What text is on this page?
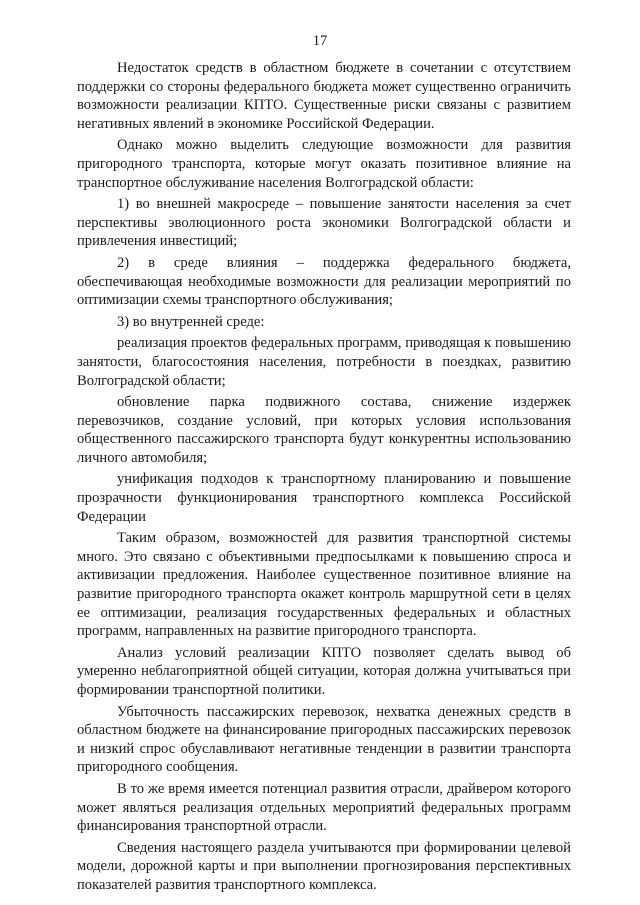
17

Недостаток средств в областном бюджете в сочетании с отсутствием поддержки со стороны федерального бюджета может существенно ограничить возможности реализации КПТО. Существенные риски связаны с развитием негативных явлений в экономике Российской Федерации.

Однако можно выделить следующие возможности для развития пригородного транспорта, которые могут оказать позитивное влияние на транспортное обслуживание населения Волгоградской области:

1) во внешней макросреде – повышение занятости населения за счет перспективы эволюционного роста экономики Волгоградской области и привлечения инвестиций;

2) в среде влияния – поддержка федерального бюджета, обеспечивающая необходимые возможности для реализации мероприятий по оптимизации схемы транспортного обслуживания;

3) во внутренней среде:

реализация проектов федеральных программ, приводящая к повышению занятости, благосостояния населения, потребности в поездках, развитию Волгоградской области;

обновление парка подвижного состава, снижение издержек перевозчиков, создание условий, при которых условия использования общественного пассажирского транспорта будут конкурентны использованию личного автомобиля;

унификация подходов к транспортному планированию и повышение прозрачности функционирования транспортного комплекса Российской Федерации

Таким образом, возможностей для развития транспортной системы много. Это связано с объективными предпосылками к повышению спроса и активизации предложения. Наиболее существенное позитивное влияние на развитие пригородного транспорта окажет контроль маршрутной сети в целях ее оптимизации, реализация государственных федеральных и областных программ, направленных на развитие пригородного транспорта.

Анализ условий реализации КПТО позволяет сделать вывод об умеренно неблагоприятной общей ситуации, которая должна учитываться при формировании транспортной политики.

Убыточность пассажирских перевозок, нехватка денежных средств в областном бюджете на финансирование пригородных пассажирских перевозок и низкий спрос обуславливают негативные тенденции в развитии транспорта пригородного сообщения.

В то же время имеется потенциал развития отрасли, драйвером которого может являться реализация отдельных мероприятий федеральных программ финансирования транспортной отрасли.

Сведения настоящего раздела учитываются при формировании целевой модели, дорожной карты и при выполнении прогнозирования перспективных показателей развития транспортного комплекса.
